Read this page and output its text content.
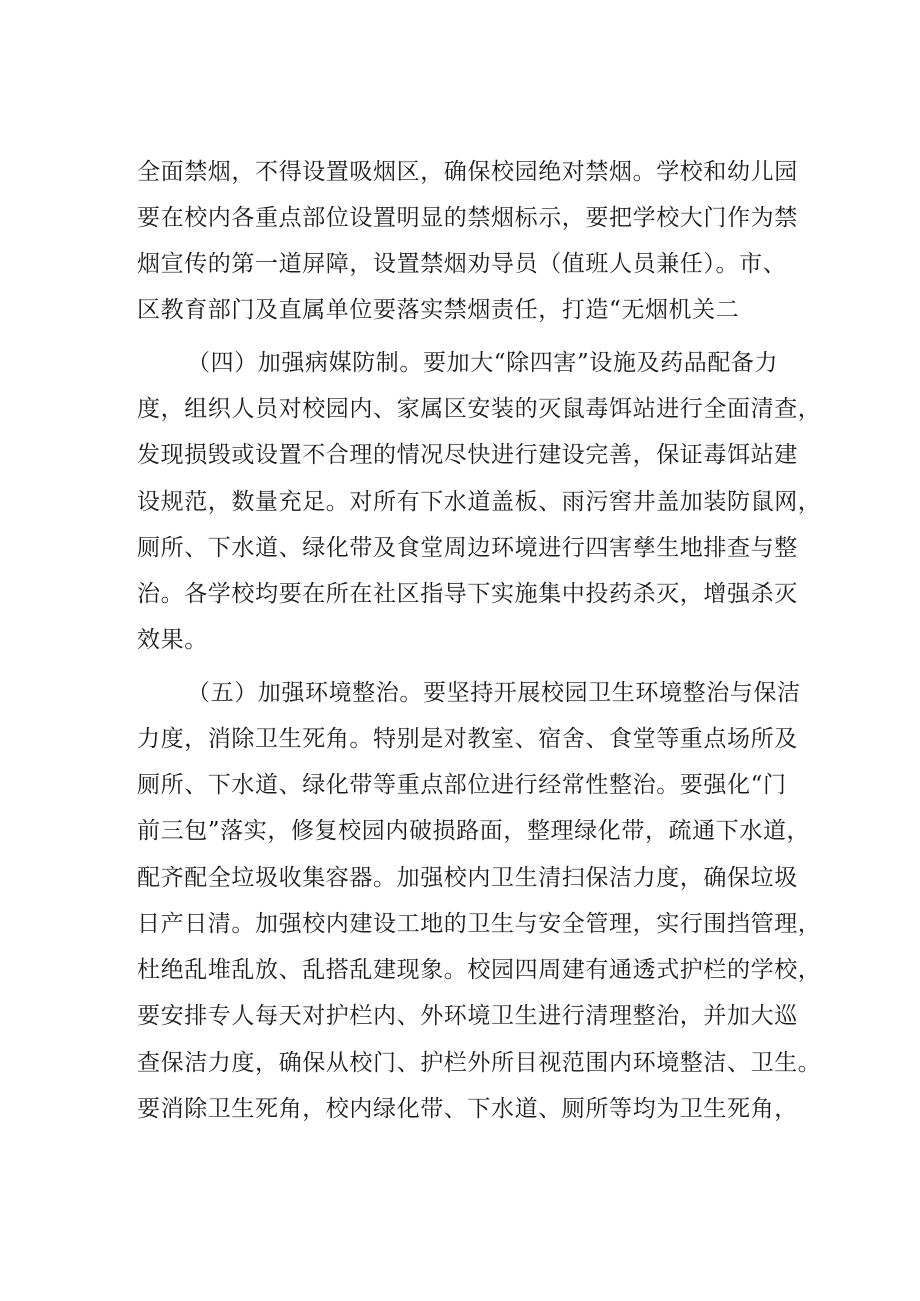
全面禁烟，不得设置吸烟区，确保校园绝对禁烟。学校和幼儿园
要在校内各重点部位设置明显的禁烟标示，要把学校大门作为禁
烟宣传的第一道屏障，设置禁烟劝导员（值班人员兼任）。市、
区教育部门及直属单位要落实禁烟责任，打造“无烟机关二
（四）加强病媒防制。要加大“除四害”设施及药品配备力
度，组织人员对校园内、家属区安装的灭鼠毒饵站进行全面清查，
发现损毁或设置不合理的情况尽快进行建设完善，保证毒饵站建
设规范，数量充足。对所有下水道盖板、雨污窖井盖加装防鼠网，
厕所、下水道、绿化带及食堂周边环境进行四害孳生地排查与整
治。各学校均要在所在社区指导下实施集中投药杀灭，增强杀灭
效果。
（五）加强环境整治。要坚持开展校园卫生环境整治与保洁
力度，消除卫生死角。特别是对教室、宿舍、食堂等重点场所及
厕所、下水道、绿化带等重点部位进行经常性整治。要强化“门
前三包”落实，修复校园内破损路面，整理绿化带，疏通下水道，
配齐配全垃圾收集容器。加强校内卫生清扫保洁力度，确保垃圾
日产日清。加强校内建设工地的卫生与安全管理，实行围挡管理，
杜绝乱堆乱放、乱搭乱建现象。校园四周建有通透式护栏的学校，
要安排专人每天对护栏内、外环境卫生进行清理整治，并加大巡
查保洁力度，确保从校门、护栏外所目视范围内环境整洁、卫生。
要消除卫生死角，校内绿化带、下水道、厕所等均为卫生死角，
